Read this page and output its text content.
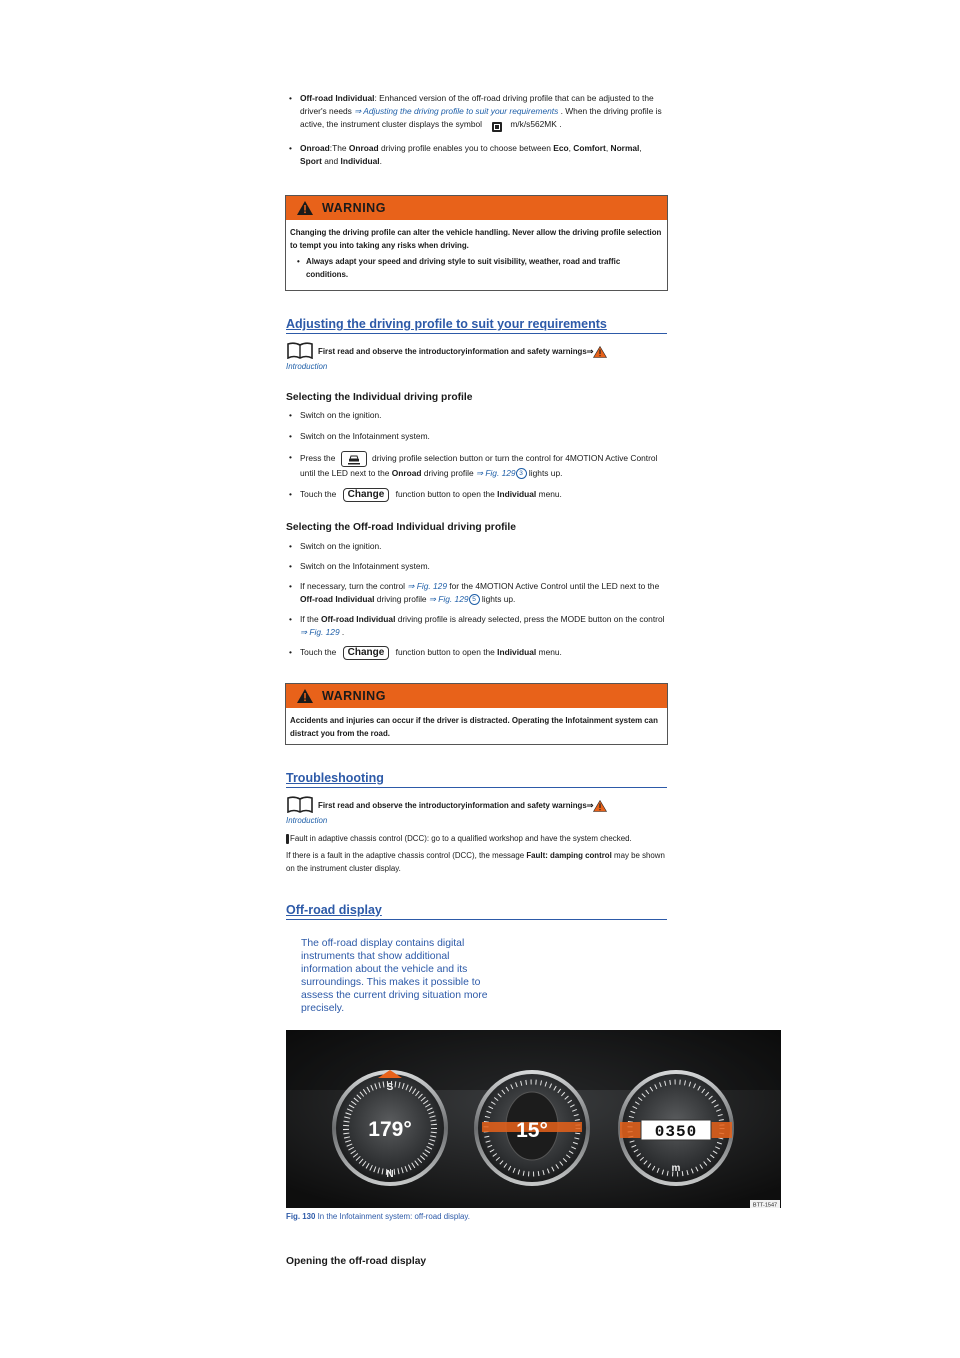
• Off-road Individual: Enhanced version of the off-road driving profile that can be adjusted to the driver's needs ⇒ Adjusting the driving profile to suit your requirements . When the driving profile is active, the instrument cluster displays the symbol	m/k/s562MK .
• Onroad:The Onroad driving profile enables you to choose between Eco, Comfort, Normal,
Sport and Individual.
WARNING
Changing the driving profile can alter the vehicle handling. Never allow the driving profile selection to tempt you into taking any risks when driving.
• Always adapt your speed and driving style to suit visibility, weather, road and traffic conditions.
Adjusting the driving profile to suit your requirements
First read and observe the introductoryinformation and safety warnings⇒
Introduction
Selecting the Individual driving profile
• Switch on the ignition.
• Switch on the Infotainment system.
• Press the	driving profile selection button or turn the control for 4MOTION Active Control until the LED next to the Onroad driving profile ⇒ Fig. 129 3 lights up.
• Touch the Change function button to open the Individual menu.
Selecting the Off-road Individual driving profile
• Switch on the ignition.
• Switch on the Infotainment system.
• If necessary, turn the control ⇒ Fig. 129 for the 4MOTION Active Control until the LED next to the Off-road Individual driving profile ⇒ Fig. 129 5 lights up.
• If the Off-road Individual driving profile is already selected, press the MODE button on the control ⇒ Fig. 129 .
• Touch the Change function button to open the Individual menu.
WARNING
Accidents and injuries can occur if the driver is distracted. Operating the Infotainment system can distract you from the road.
Troubleshooting
First read and observe the introductoryinformation and safety warnings⇒
Introduction
Fault in adaptive chassis control (DCC): go to a qualified workshop and have the system checked.
If there is a fault in the adaptive chassis control (DCC), the message Fault: damping control may be shown on the instrument cluster display.
Off-road display
The off-road display contains digital instruments that show additional information about the vehicle and its surroundings. This makes it possible to assess the current driving situation more precisely.
S
N
179°	15°	0350
m
BTT-1547
Fig. 130 In the Infotainment system: off-road display.
Opening the off-road display
